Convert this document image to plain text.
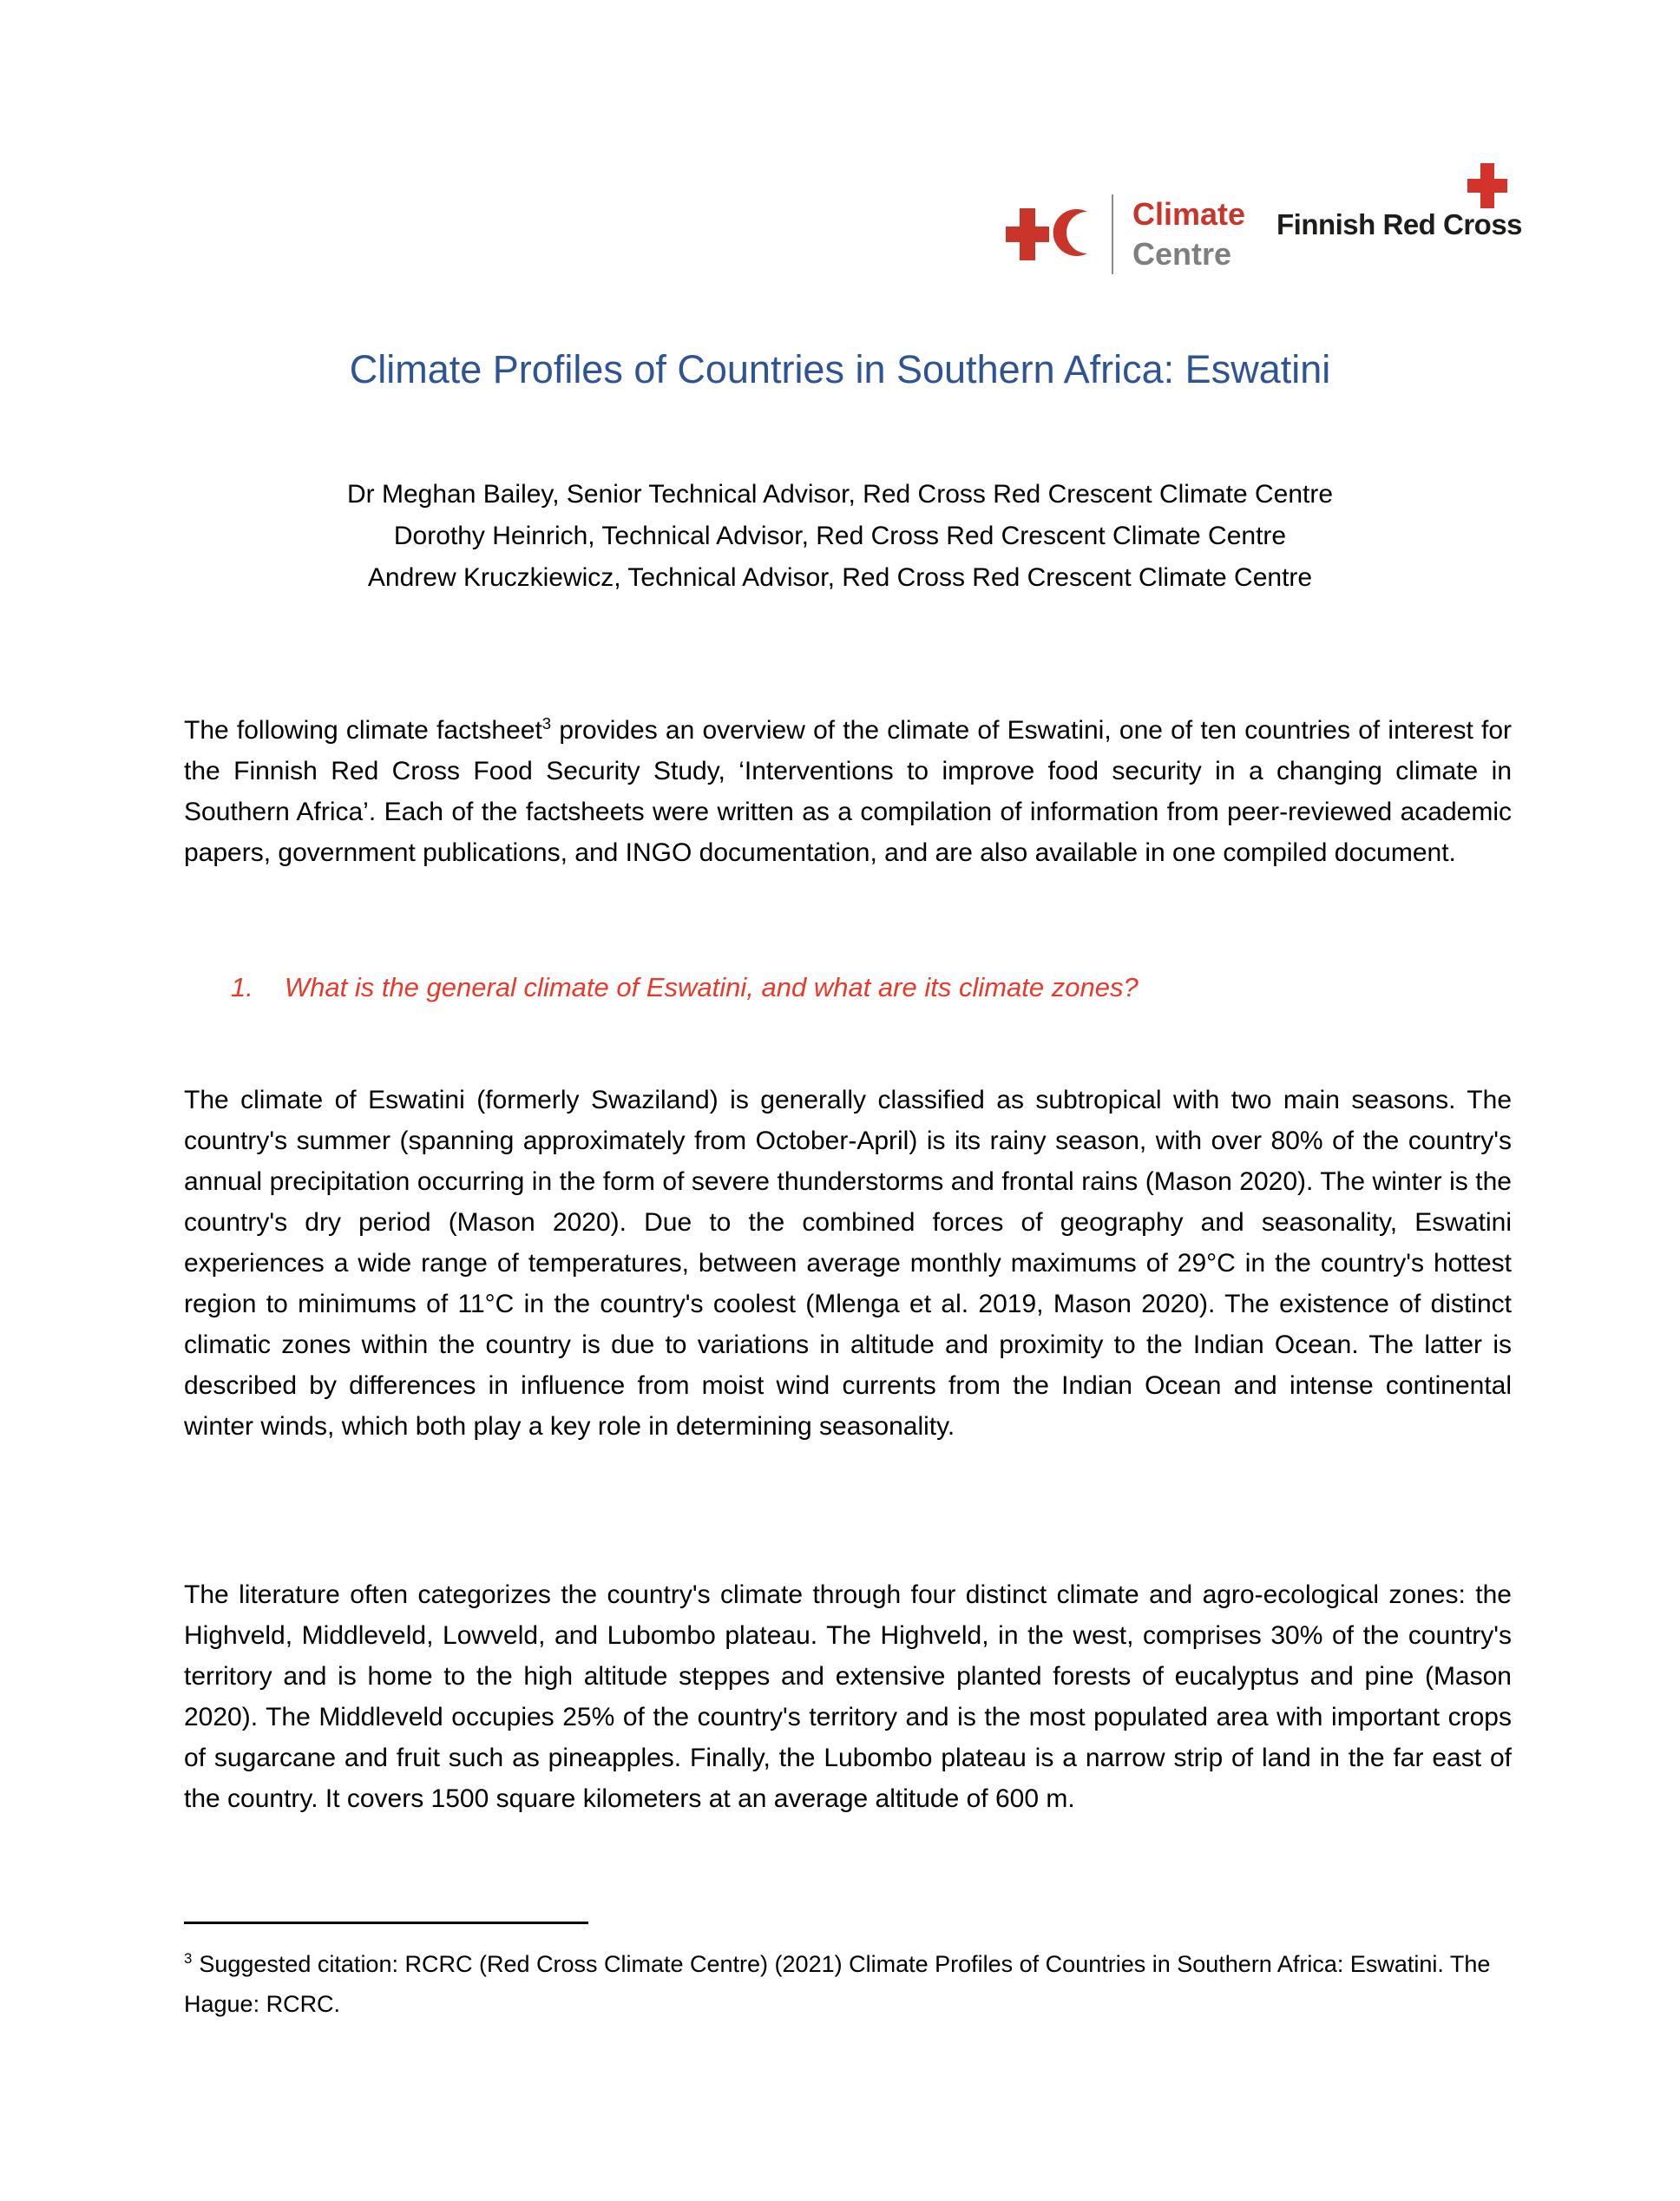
Climate
Centre
Finnish Red Cross
Climate Profiles of Countries in Southern Africa: Eswatini
Dr Meghan Bailey, Senior Technical Advisor, Red Cross Red Crescent Climate Centre
Dorothy Heinrich, Technical Advisor, Red Cross Red Crescent Climate Centre
Andrew Kruczkiewicz, Technical Advisor, Red Cross Red Crescent Climate Centre

The following climate factsheet$^3$ provides an overview of the climate of Eswatini, one of ten countries of interest for the Finnish Red Cross Food Security Study, ‘Interventions to improve food security in a changing climate in Southern Africa’. Each of the factsheets were written as a compilation of information from peer-reviewed academic papers, government publications, and INGO documentation, and are also available in one compiled document.

1. What is the general climate of Eswatini, and what are its climate zones?

The climate of Eswatini (formerly Swaziland) is generally classified as subtropical with two main seasons. The country's summer (spanning approximately from October-April) is its rainy season, with over 80% of the country's annual precipitation occurring in the form of severe thunderstorms and frontal rains (Mason 2020). The winter is the country's dry period (Mason 2020). Due to the combined forces of geography and seasonality, Eswatini experiences a wide range of temperatures, between average monthly maximums of 29°C in the country's hottest region to minimums of 11°C in the country's coolest (Mlenga et al. 2019, Mason 2020). The existence of distinct climatic zones within the country is due to variations in altitude and proximity to the Indian Ocean. The latter is described by differences in influence from moist wind currents from the Indian Ocean and intense continental winter winds, which both play a key role in determining seasonality.

The literature often categorizes the country's climate through four distinct climate and agro-ecological zones: the Highveld, Middleveld, Lowveld, and Lubombo plateau. The Highveld, in the west, comprises 30% of the country's territory and is home to the high altitude steppes and extensive planted forests of eucalyptus and pine (Mason 2020). The Middleveld occupies 25% of the country's territory and is the most populated area with important crops of sugarcane and fruit such as pineapples. Finally, the Lubombo plateau is a narrow strip of land in the far east of the country. It covers 1500 square kilometers at an average altitude of 600 m.

$^3$ Suggested citation: RCRC (Red Cross Climate Centre) (2021) Climate Profiles of Countries in Southern Africa: Eswatini. The Hague: RCRC.
